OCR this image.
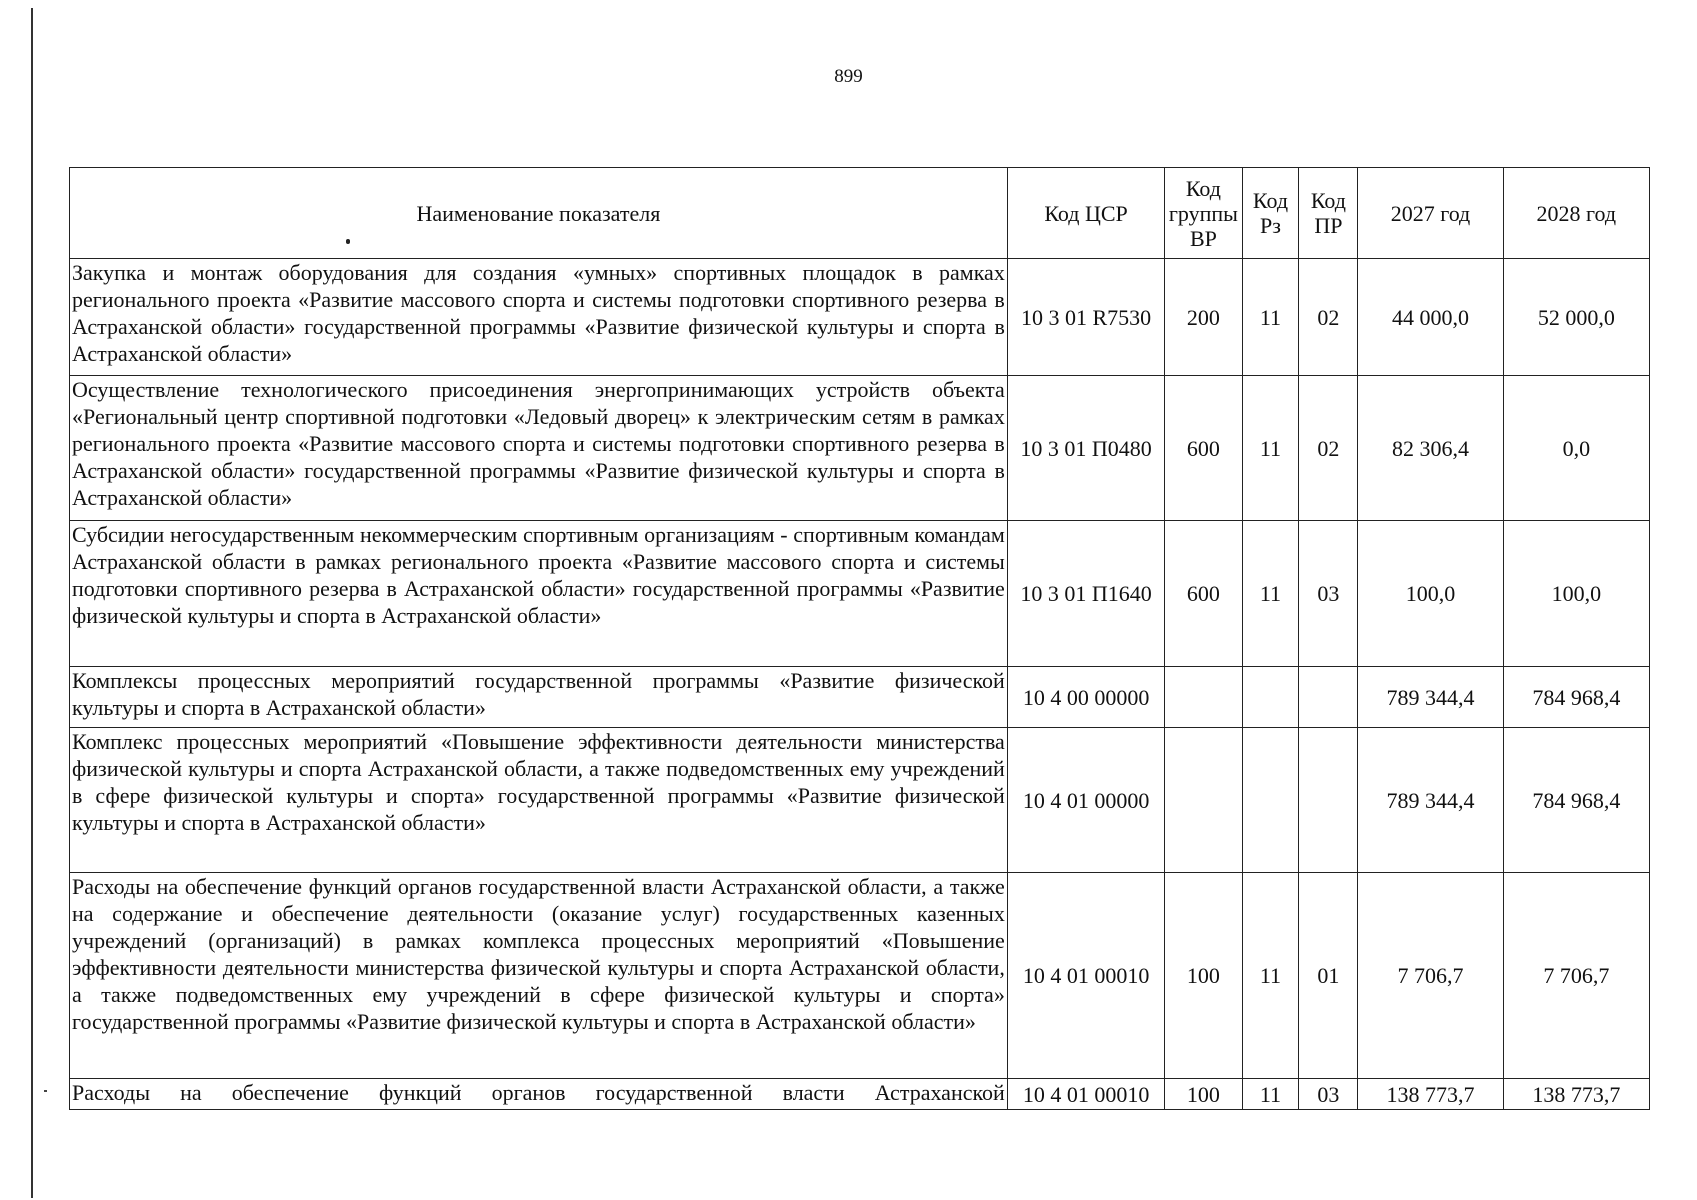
899
Наименование показателя	Код ЦСР	Код группы ВР	Код Рз	Код ПР	2027 год	2028 год
Закупка и монтаж оборудования для создания «умных» спортивных площадок в рамках регионального проекта «Развитие массового спорта и системы подготовки спортивного резерва в Астраханской области» государственной программы «Развитие физической культуры и спорта в Астраханской области»	10 3 01 R7530	200	11	02	44 000,0	52 000,0
Осуществление технологического присоединения энергопринимающих устройств объекта «Региональный центр спортивной подготовки «Ледовый дворец» к электрическим сетям в рамках регионального проекта «Развитие массового спорта и системы подготовки спортивного резерва в Астраханской области» государственной программы «Развитие физической культуры и спорта в Астраханской области»	10 3 01 П0480	600	11	02	82 306,4	0,0
Субсидии негосударственным некоммерческим спортивным организациям - спортивным командам Астраханской области в рамках регионального проекта «Развитие массового спорта и системы подготовки спортивного резерва в Астраханской области» государственной программы «Развитие физической культуры и спорта в Астраханской области»	10 3 01 П1640	600	11	03	100,0	100,0
Комплексы процессных мероприятий государственной программы «Развитие физической культуры и спорта в Астраханской области»	10 4 00 00000				789 344,4	784 968,4
Комплекс процессных мероприятий «Повышение эффективности деятельности министерства физической культуры и спорта Астраханской области, а также подведомственных ему учреждений в сфере физической культуры и спорта» государственной программы «Развитие физической культуры и спорта в Астраханской области»	10 4 01 00000				789 344,4	784 968,4
Расходы на обеспечение функций органов государственной власти Астраханской области, а также на содержание и обеспечение деятельности (оказание услуг) государственных казенных учреждений (организаций) в рамках комплекса процессных мероприятий «Повышение эффективности деятельности министерства физической культуры и спорта Астраханской области, а также подведомственных ему учреждений в сфере физической культуры и спорта» государственной программы «Развитие физической культуры и спорта в Астраханской области»	10 4 01 00010	100	11	01	7 706,7	7 706,7
Расходы на обеспечение функций органов государственной власти Астраханской	10 4 01 00010	100	11	03	138 773,7	138 773,7
